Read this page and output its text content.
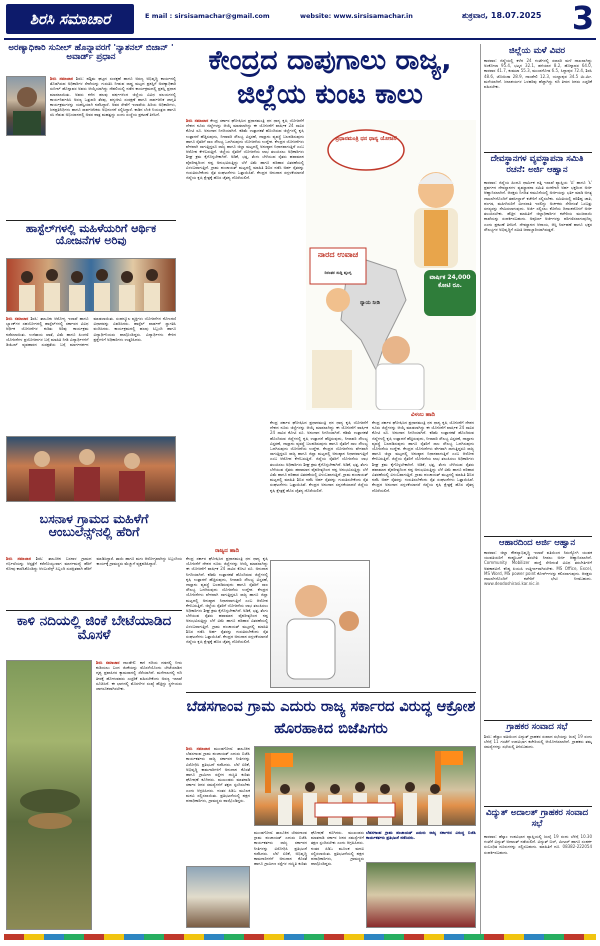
ಶಿರಸಿ ಸಮಾಚಾರ	E mail : sirsisamachar@gmail.com	website: www.sirsisamachar.in	ಶುಕ್ರವಾರ, 18.07.2025 3
ಅರಣ್ಯಾಧಿಕಾರಿ ಸುನೀಲ್ ಹೊನ್ನಾವರಗೆ 'ನ್ಯಾಶನಲ್ ಬಿಜಾನ್ ' ಅವಾರ್ಡ್ ಪ್ರಧಾನ
ಶಿರಸಿ ಸಮಾಚಾರ ಶಿರಸಿ: ಪಶ್ಚಿಮ ಘಟ್ಟದ ಸಂರಕ್ಷಣೆ ಹಾಗೂ ಅರಣ್ಯ ಅಭಿವೃದ್ಧಿ ಕಾರ್ಯದಲ್ಲಿ ತೊಡಗಿರುವ ಅಧಿಕಾರಿಗಳ ಸೇವೆಯನ್ನು ಗುರುತಿಸಿ ನೀಡುವ ರಾಷ್ಟ್ರ ಮಟ್ಟದ ಪ್ರಶಸ್ತಿಗೆ ಅರಣ್ಯಾಧಿಕಾರಿ ಸುನೀಲ್ ಹೊನ್ನಾವರ ಅವರು ಆಯ್ಕೆಯಾಗಿದ್ದು ದೆಹಲಿಯಲ್ಲಿ ನಡೆದ ಕಾರ್ಯಕ್ರಮದಲ್ಲಿ ಪ್ರಶಸ್ತಿ ಪ್ರಧಾನ ಮಾಡಲಾಯಿತು. ಅವರು ಕಳೆದ ಹಲವು ವರ್ಷಗಳಿಂದ ಜಿಲ್ಲೆಯ ವಿವಿಧ ವಲಯಗಳಲ್ಲಿ ಕಾರ್ಯನಿರ್ವಹಿಸಿ ಅರಣ್ಯ ಒತ್ತುವರಿ ತೆರವು, ವನ್ಯಜೀವಿ ಸಂರಕ್ಷಣೆ ಹಾಗೂ ಸಾರ್ವಜನಿಕ ಜಾಗೃತಿ ಕಾರ್ಯಕ್ರಮಗಳನ್ನು ಯಶಸ್ವಿಯಾಗಿ ನಡೆಸಿದ್ದಾರೆ. ಅವರ ಸೇವೆಗೆ ಇಲಾಖೆಯ ಹಿರಿಯ ಅಧಿಕಾರಿಗಳು, ಜನಪ್ರತಿನಿಧಿಗಳು ಹಾಗೂ ಸಾರ್ವಜನಿಕರು ಅಭಿನಂದನೆ ಸಲ್ಲಿಸಿದ್ದಾರೆ. ಕಾಡಿನ ಬೆಂಕಿ ನಿಯಂತ್ರಣ ಹಾಗೂ ಸಸಿ ನೆಡುವ ಅಭಿಯಾನದಲ್ಲಿ ಅವರ ಪಾತ್ರ ಮಹತ್ವದ್ದು ಎಂದು ಸಂಸ್ಥೆಯ ಪ್ರಕಟಣೆ ತಿಳಿಸಿದೆ.
ಹಾಸ್ಟೆಲ್‌ಗಳಲ್ಲಿ ಮಹಿಳೆಯರಿಗೆ ಆರ್ಥಿಕ ಯೋಜನೆಗಳ ಅರಿವು
ಶಿರಸಿ ಸಮಾಚಾರ ಶಿರಸಿ: ತಾಲೂಕು ಆರೋಗ್ಯ ಇಲಾಖೆ ಹಾಗೂ ಬ್ಯಾಂಕ್‌ಗಳ ಸಹಯೋಗದಲ್ಲಿ ಹಾಸ್ಟೆಲ್‌ಗಳಲ್ಲಿ ಸರ್ಕಾರದ ವಿವಿಧ ಆರ್ಥಿಕ ಯೋಜನೆಗಳ ಕುರಿತು ಅರಿವು ಕಾರ್ಯಕ್ರಮ ನಡೆಸಲಾಯಿತು. ಉಳಿತಾಯ ಖಾತೆ, ವಿಮೆ ಹಾಗೂ ಪಿಂಚಣಿ ಯೋಜನೆಗಳ ಪ್ರಯೋಜನಗಳ ಬಗ್ಗೆ ಮಾಹಿತಿ ನೀಡಿ ವಿದ್ಯಾರ್ಥಿಗಳಿಗೆ ಡಿಜಿಟಲ್ ವ್ಯವಹಾರದ ಸುರಕ್ಷತೆಯ ಬಗ್ಗೆ ಮಾರ್ಗದರ್ಶನ ಮಾಡಲಾಯಿತು. ಸಂಪನ್ಮೂಲ ವ್ಯಕ್ತಿಗಳು ಯೋಜನೆಗಳ ನೋಂದಣಿ ವಿಧಾನವನ್ನು ವಿವರಿಸಿದರು. ಹಾಸ್ಟೆಲ್ ವಾರ್ಡನ್ ಸ್ವಾಗತಿಸಿ ವಂದಿಸಿದರು. ಕಾರ್ಯಕ್ರಮದಲ್ಲಿ ಹಲವು ಸಿಬ್ಬಂದಿ ಹಾಗೂ ವಿದ್ಯಾರ್ಥಿನಿಯರು ಪಾಲ್ಗೊಂಡಿದ್ದರು. ವಿದ್ಯಾರ್ಥಿಗಳು ಕೇಳಿದ ಪ್ರಶ್ನೆಗಳಿಗೆ ಅಧಿಕಾರಿಗಳು ಉತ್ತರಿಸಿದರು.
ಬಸನಾಳ ಗ್ರಾಮದ ಮಹಿಳೆಗೆ ಆಂಬುಲೆನ್ಸ್‌ನಲ್ಲಿ ಹೆರಿಗೆ
ಶಿರಸಿ ಸಮಾಚಾರ ಶಿರಸಿ: ತಾಲೂಕಿನ ಬಸನಾಳ ಗ್ರಾಮದ ಗರ್ಭಿಣಿಯನ್ನು ಆಸ್ಪತ್ರೆಗೆ ಕರೆದೊಯ್ಯುವಾಗ ಮಾರ್ಗಮಧ್ಯೆ ಹೆರಿಗೆ ನೋವು ಕಾಣಿಸಿಕೊಂಡಿದ್ದು ಆಂಬುಲೆನ್ಸ್ ಸಿಬ್ಬಂದಿ ಸುರಕ್ಷಿತವಾಗಿ ಹೆರಿಗೆ ಮಾಡಿಸಿದ್ದಾರೆ. ತಾಯಿ ಹಾಗೂ ಮಗು ಆರೋಗ್ಯವಾಗಿದ್ದು ಸಿಬ್ಬಂದಿಯ ಕಾರ್ಯಕ್ಕೆ ಗ್ರಾಮಸ್ಥರು ಮೆಚ್ಚುಗೆ ವ್ಯಕ್ತಪಡಿಸಿದ್ದಾರೆ.
ಕಾಳಿ ನದಿಯಲ್ಲಿ ಜಿಂಕೆ ಬೇಟೆಯಾಡಿದ ಮೊಸಳೆ
ಶಿರಸಿ ಸಮಾಚಾರ ದಾಂಡೇಲಿ: ಕಾಳಿ ನದಿಯ ದಡದಲ್ಲಿ ನೀರು ಕುಡಿಯಲು ಬಂದ ಜಿಂಕೆಯನ್ನು ಮೊಸಳೆಯೊಂದು ಬೇಟೆಯಾಡಿದ ದೃಶ್ಯ ಪ್ರವಾಸಿಗರ ಕ್ಯಾಮರಾದಲ್ಲಿ ಸೆರೆಯಾಗಿದೆ. ಮಳೆಗಾಲದಲ್ಲಿ ನದಿ ತೀರಕ್ಕೆ ಹೋಗುವವರು ಎಚ್ಚರಿಕೆ ವಹಿಸಬೇಕೆಂದು ಅರಣ್ಯ ಇಲಾಖೆ ಸೂಚಿಸಿದೆ. ಈ ಭಾಗದಲ್ಲಿ ಮೊಸಳೆಗಳ ಸಂಖ್ಯೆ ಹೆಚ್ಚಿದ್ದು ಸ್ಥಳೀಯರು ಜಾಗರೂಕರಾಗಿರಬೇಕು.
ಕೇಂದ್ರದ ದಾಪುಗಾಲು ರಾಜ್ಯ, ಜಿಲ್ಲೆಯ ಕುಂಟ ಕಾಲು
ಶಿರಸಿ ಸಮಾಚಾರ ಕೇಂದ್ರ ಸರ್ಕಾರ ಘೋಷಿಸಿದ ಪ್ರಧಾನಮಂತ್ರಿ ಧನ ಧಾನ್ಯ ಕೃಷಿ ಯೋಜನೆಗೆ ದೇಶದ ನೂರು ಜಿಲ್ಲೆಗಳನ್ನು ಆಯ್ಕೆ ಮಾಡಲಾಗಿದ್ದು ಈ ಯೋಜನೆಗೆ ವಾರ್ಷಿಕ 24 ಸಾವಿರ ಕೋಟಿ ರೂ. ಅನುದಾನ ನಿಗದಿಯಾಗಿದೆ. ಕಡಿಮೆ ಉತ್ಪಾದಕತೆ ಹೊಂದಿರುವ ಜಿಲ್ಲೆಗಳಲ್ಲಿ ಕೃಷಿ ಉತ್ಪಾದನೆ ಹೆಚ್ಚಿಸುವುದು, ನೀರಾವರಿ ಸೌಲಭ್ಯ ವಿಸ್ತರಣೆ, ದಾಸ್ತಾನು ವ್ಯವಸ್ಥೆ ಬಲಪಡಿಸುವುದು ಹಾಗೂ ರೈತರಿಗೆ ಸಾಲ ಸೌಲಭ್ಯ ಒದಗಿಸುವುದು ಯೋಜನೆಯ ಉದ್ದೇಶ. ಕೇಂದ್ರದ ಯೋಜನೆಗಳು ವೇಗವಾಗಿ ಸಾಗುತ್ತಿದ್ದರೂ ರಾಜ್ಯ ಹಾಗೂ ಜಿಲ್ಲಾ ಮಟ್ಟದಲ್ಲಿ ಅನುಷ್ಠಾನ ನಿಧಾನವಾಗುತ್ತಿದೆ ಎಂಬ ಆರೋಪ ಕೇಳಿಬರುತ್ತಿದೆ. ಜಿಲ್ಲೆಯ ರೈತರಿಗೆ ಯೋಜನೆಯ ಲಾಭ ತಲುಪಿಸಲು ಅಧಿಕಾರಿಗಳು ಶೀಘ್ರ ಕ್ರಮ ಕೈಗೊಳ್ಳಬೇಕಾಗಿದೆ. ಅಡಿಕೆ, ಭತ್ತ, ತೆಂಗು ಬೆಳೆಯುವ ರೈತರು ಹವಾಮಾನ ವೈಪರೀತ್ಯದಿಂದ ನಷ್ಟ ಅನುಭವಿಸುತ್ತಿದ್ದು ಬೆಳೆ ವಿಮೆ ಹಾಗೂ ಪರಿಹಾರ ವಿತರಣೆಯಲ್ಲಿ ವಿಳಂಬವಾಗುತ್ತಿದೆ. ಗ್ರಾಮ ಪಂಚಾಯತ್ ಮಟ್ಟದಲ್ಲಿ ಮಾಹಿತಿ ಶಿಬಿರ ನಡೆಸಿ ಅರ್ಹ ರೈತರನ್ನು ಗುರುತಿಸಬೇಕೆಂದು ರೈತ ಸಂಘಟನೆಗಳು ಒತ್ತಾಯಿಸಿವೆ. ಕೇಂದ್ರದ ಅನುದಾನ ಸದ್ಬಳಕೆಯಾದರೆ ಜಿಲ್ಲೆಯ ಕೃಷಿ ಕ್ಷೇತ್ರಕ್ಕೆ ಹೊಸ ಚೈತನ್ಯ ದೊರೆಯಲಿದೆ.
ಪ್ರಧಾನಮಂತ್ರಿ ಧನ ಧಾನ್ಯ ಯೋಜನೆ
ವಾರ್ಷಿಕ 24,000 ಕೋಟಿ ರೂ.
ನಾರದ ಉವಾಚ
ನಿರಂತರ ಸುದ್ದಿ ವ್ಯಂಗ್ಯ
ನ್ಯಾಯ ನೀಡಿ
ವಿಳಂಬ ಹಾದಿ
ಕೇಂದ್ರ ಸರ್ಕಾರ ಘೋಷಿಸಿದ ಪ್ರಧಾನಮಂತ್ರಿ ಧನ ಧಾನ್ಯ ಕೃಷಿ ಯೋಜನೆಗೆ ದೇಶದ ನೂರು ಜಿಲ್ಲೆಗಳನ್ನು ಆಯ್ಕೆ ಮಾಡಲಾಗಿದ್ದು ಈ ಯೋಜನೆಗೆ ವಾರ್ಷಿಕ 24 ಸಾವಿರ ಕೋಟಿ ರೂ. ಅನುದಾನ ನಿಗದಿಯಾಗಿದೆ. ಕಡಿಮೆ ಉತ್ಪಾದಕತೆ ಹೊಂದಿರುವ ಜಿಲ್ಲೆಗಳಲ್ಲಿ ಕೃಷಿ ಉತ್ಪಾದನೆ ಹೆಚ್ಚಿಸುವುದು, ನೀರಾವರಿ ಸೌಲಭ್ಯ ವಿಸ್ತರಣೆ, ದಾಸ್ತಾನು ವ್ಯವಸ್ಥೆ ಬಲಪಡಿಸುವುದು ಹಾಗೂ ರೈತರಿಗೆ ಸಾಲ ಸೌಲಭ್ಯ ಒದಗಿಸುವುದು ಯೋಜನೆಯ ಉದ್ದೇಶ. ಕೇಂದ್ರದ ಯೋಜನೆಗಳು ವೇಗವಾಗಿ ಸಾಗುತ್ತಿದ್ದರೂ ರಾಜ್ಯ ಹಾಗೂ ಜಿಲ್ಲಾ ಮಟ್ಟದಲ್ಲಿ ಅನುಷ್ಠಾನ ನಿಧಾನವಾಗುತ್ತಿದೆ ಎಂಬ ಆರೋಪ ಕೇಳಿಬರುತ್ತಿದೆ. ಜಿಲ್ಲೆಯ ರೈತರಿಗೆ ಯೋಜನೆಯ ಲಾಭ ತಲುಪಿಸಲು ಅಧಿಕಾರಿಗಳು ಶೀಘ್ರ ಕ್ರಮ ಕೈಗೊಳ್ಳಬೇಕಾಗಿದೆ. ಅಡಿಕೆ, ಭತ್ತ, ತೆಂಗು ಬೆಳೆಯುವ ರೈತರು ಹವಾಮಾನ ವೈಪರೀತ್ಯದಿಂದ ನಷ್ಟ ಅನುಭವಿಸುತ್ತಿದ್ದು ಬೆಳೆ ವಿಮೆ ಹಾಗೂ ಪರಿಹಾರ ವಿತರಣೆಯಲ್ಲಿ ವಿಳಂಬವಾಗುತ್ತಿದೆ. ಗ್ರಾಮ ಪಂಚಾಯತ್ ಮಟ್ಟದಲ್ಲಿ ಮಾಹಿತಿ ಶಿಬಿರ ನಡೆಸಿ ಅರ್ಹ ರೈತರನ್ನು ಗುರುತಿಸಬೇಕೆಂದು ರೈತ ಸಂಘಟನೆಗಳು ಒತ್ತಾಯಿಸಿವೆ. ಕೇಂದ್ರದ ಅನುದಾನ ಸದ್ಬಳಕೆಯಾದರೆ ಜಿಲ್ಲೆಯ ಕೃಷಿ ಕ್ಷೇತ್ರಕ್ಕೆ ಹೊಸ ಚೈತನ್ಯ ದೊರೆಯಲಿದೆ.
ರಾಜ್ಯದ ಹಾದಿ
ಕೇಂದ್ರ ಸರ್ಕಾರ ಘೋಷಿಸಿದ ಪ್ರಧಾನಮಂತ್ರಿ ಧನ ಧಾನ್ಯ ಕೃಷಿ ಯೋಜನೆಗೆ ದೇಶದ ನೂರು ಜಿಲ್ಲೆಗಳನ್ನು ಆಯ್ಕೆ ಮಾಡಲಾಗಿದ್ದು ಈ ಯೋಜನೆಗೆ ವಾರ್ಷಿಕ 24 ಸಾವಿರ ಕೋಟಿ ರೂ. ಅನುದಾನ ನಿಗದಿಯಾಗಿದೆ. ಕಡಿಮೆ ಉತ್ಪಾದಕತೆ ಹೊಂದಿರುವ ಜಿಲ್ಲೆಗಳಲ್ಲಿ ಕೃಷಿ ಉತ್ಪಾದನೆ ಹೆಚ್ಚಿಸುವುದು, ನೀರಾವರಿ ಸೌಲಭ್ಯ ವಿಸ್ತರಣೆ, ದಾಸ್ತಾನು ವ್ಯವಸ್ಥೆ ಬಲಪಡಿಸುವುದು ಹಾಗೂ ರೈತರಿಗೆ ಸಾಲ ಸೌಲಭ್ಯ ಒದಗಿಸುವುದು ಯೋಜನೆಯ ಉದ್ದೇಶ. ಕೇಂದ್ರದ ಯೋಜನೆಗಳು ವೇಗವಾಗಿ ಸಾಗುತ್ತಿದ್ದರೂ ರಾಜ್ಯ ಹಾಗೂ ಜಿಲ್ಲಾ ಮಟ್ಟದಲ್ಲಿ ಅನುಷ್ಠಾನ ನಿಧಾನವಾಗುತ್ತಿದೆ ಎಂಬ ಆರೋಪ ಕೇಳಿಬರುತ್ತಿದೆ. ಜಿಲ್ಲೆಯ ರೈತರಿಗೆ ಯೋಜನೆಯ ಲಾಭ ತಲುಪಿಸಲು ಅಧಿಕಾರಿಗಳು ಶೀಘ್ರ ಕ್ರಮ ಕೈಗೊಳ್ಳಬೇಕಾಗಿದೆ. ಅಡಿಕೆ, ಭತ್ತ, ತೆಂಗು ಬೆಳೆಯುವ ರೈತರು ಹವಾಮಾನ ವೈಪರೀತ್ಯದಿಂದ ನಷ್ಟ ಅನುಭವಿಸುತ್ತಿದ್ದು ಬೆಳೆ ವಿಮೆ ಹಾಗೂ ಪರಿಹಾರ ವಿತರಣೆಯಲ್ಲಿ ವಿಳಂಬವಾಗುತ್ತಿದೆ. ಗ್ರಾಮ ಪಂಚಾಯತ್ ಮಟ್ಟದಲ್ಲಿ ಮಾಹಿತಿ ಶಿಬಿರ ನಡೆಸಿ ಅರ್ಹ ರೈತರನ್ನು ಗುರುತಿಸಬೇಕೆಂದು ರೈತ ಸಂಘಟನೆಗಳು ಒತ್ತಾಯಿಸಿವೆ. ಕೇಂದ್ರದ ಅನುದಾನ ಸದ್ಬಳಕೆಯಾದರೆ ಜಿಲ್ಲೆಯ ಕೃಷಿ ಕ್ಷೇತ್ರಕ್ಕೆ ಹೊಸ ಚೈತನ್ಯ ದೊರೆಯಲಿದೆ.
ಕೇಂದ್ರ ಸರ್ಕಾರ ಘೋಷಿಸಿದ ಪ್ರಧಾನಮಂತ್ರಿ ಧನ ಧಾನ್ಯ ಕೃಷಿ ಯೋಜನೆಗೆ ದೇಶದ ನೂರು ಜಿಲ್ಲೆಗಳನ್ನು ಆಯ್ಕೆ ಮಾಡಲಾಗಿದ್ದು ಈ ಯೋಜನೆಗೆ ವಾರ್ಷಿಕ 24 ಸಾವಿರ ಕೋಟಿ ರೂ. ಅನುದಾನ ನಿಗದಿಯಾಗಿದೆ. ಕಡಿಮೆ ಉತ್ಪಾದಕತೆ ಹೊಂದಿರುವ ಜಿಲ್ಲೆಗಳಲ್ಲಿ ಕೃಷಿ ಉತ್ಪಾದನೆ ಹೆಚ್ಚಿಸುವುದು, ನೀರಾವರಿ ಸೌಲಭ್ಯ ವಿಸ್ತರಣೆ, ದಾಸ್ತಾನು ವ್ಯವಸ್ಥೆ ಬಲಪಡಿಸುವುದು ಹಾಗೂ ರೈತರಿಗೆ ಸಾಲ ಸೌಲಭ್ಯ ಒದಗಿಸುವುದು ಯೋಜನೆಯ ಉದ್ದೇಶ. ಕೇಂದ್ರದ ಯೋಜನೆಗಳು ವೇಗವಾಗಿ ಸಾಗುತ್ತಿದ್ದರೂ ರಾಜ್ಯ ಹಾಗೂ ಜಿಲ್ಲಾ ಮಟ್ಟದಲ್ಲಿ ಅನುಷ್ಠಾನ ನಿಧಾನವಾಗುತ್ತಿದೆ ಎಂಬ ಆರೋಪ ಕೇಳಿಬರುತ್ತಿದೆ. ಜಿಲ್ಲೆಯ ರೈತರಿಗೆ ಯೋಜನೆಯ ಲಾಭ ತಲುಪಿಸಲು ಅಧಿಕಾರಿಗಳು ಶೀಘ್ರ ಕ್ರಮ ಕೈಗೊಳ್ಳಬೇಕಾಗಿದೆ. ಅಡಿಕೆ, ಭತ್ತ, ತೆಂಗು ಬೆಳೆಯುವ ರೈತರು ಹವಾಮಾನ ವೈಪರೀತ್ಯದಿಂದ ನಷ್ಟ ಅನುಭವಿಸುತ್ತಿದ್ದು ಬೆಳೆ ವಿಮೆ ಹಾಗೂ ಪರಿಹಾರ ವಿತರಣೆಯಲ್ಲಿ ವಿಳಂಬವಾಗುತ್ತಿದೆ. ಗ್ರಾಮ ಪಂಚಾಯತ್ ಮಟ್ಟದಲ್ಲಿ ಮಾಹಿತಿ ಶಿಬಿರ ನಡೆಸಿ ಅರ್ಹ ರೈತರನ್ನು ಗುರುತಿಸಬೇಕೆಂದು ರೈತ ಸಂಘಟನೆಗಳು ಒತ್ತಾಯಿಸಿವೆ. ಕೇಂದ್ರದ ಅನುದಾನ ಸದ್ಬಳಕೆಯಾದರೆ ಜಿಲ್ಲೆಯ ಕೃಷಿ ಕ್ಷೇತ್ರಕ್ಕೆ ಹೊಸ ಚೈತನ್ಯ ದೊರೆಯಲಿದೆ.
ಬೆಡಸಗಾಂವ ಗ್ರಾಮ ಎದುರು ರಾಜ್ಯ ಸರ್ಕಾರದ ವಿರುದ್ಧ ಆಕ್ರೋಶ ಹೊರಹಾಕಿದ ಬಿಜೆಪಿಗರು
ಶಿರಸಿ ಸಮಾಚಾರ ಮುಂಡಗೋಡ: ತಾಲೂಕಿನ ಬೆಡಸಗಾಂವ ಗ್ರಾಮ ಪಂಚಾಯತ್ ಎದುರು ಬಿಜೆಪಿ ಕಾರ್ಯಕರ್ತರು ರಾಜ್ಯ ಸರ್ಕಾರದ ನೀತಿಗಳನ್ನು ವಿರೋಧಿಸಿ ಪ್ರತಿಭಟನೆ ನಡೆಸಿದರು. ಬೆಲೆ ಏರಿಕೆ, ಅಭಿವೃದ್ಧಿ ಕಾಮಗಾರಿಗಳಿಗೆ ಅನುದಾನ ಕೊರತೆ ಹಾಗೂ ಗ್ರಾಮೀಣ ರಸ್ತೆಗಳ ದುಸ್ಥಿತಿ ಕುರಿತು ಘೋಷಣೆ ಕೂಗಿದರು. ಮುಖಂಡರು ಮಾತನಾಡಿ ಸರ್ಕಾರ ಜನರ ಸಮಸ್ಯೆಗಳಿಗೆ ತಕ್ಷಣ ಸ್ಪಂದಿಸಬೇಕು ಎಂದು ಆಗ್ರಹಿಸಿದರು. ನಂತರ ಪಿಡಿಒ ಮೂಲಕ ಮನವಿ ಸಲ್ಲಿಸಲಾಯಿತು. ಪ್ರತಿಭಟನೆಯಲ್ಲಿ ಪಕ್ಷದ ಪದಾಧಿಕಾರಿಗಳು, ಗ್ರಾಮಸ್ಥರು ಪಾಲ್ಗೊಂಡಿದ್ದರು.
ಮುಂಡಗೋಡ: ತಾಲೂಕಿನ ಬೆಡಸಗಾಂವ ಗ್ರಾಮ ಪಂಚಾಯತ್ ಎದುರು ಬಿಜೆಪಿ ಕಾರ್ಯಕರ್ತರು ರಾಜ್ಯ ಸರ್ಕಾರದ ನೀತಿಗಳನ್ನು ವಿರೋಧಿಸಿ ಪ್ರತಿಭಟನೆ ನಡೆಸಿದರು. ಬೆಲೆ ಏರಿಕೆ, ಅಭಿವೃದ್ಧಿ ಕಾಮಗಾರಿಗಳಿಗೆ ಅನುದಾನ ಕೊರತೆ ಹಾಗೂ ಗ್ರಾಮೀಣ ರಸ್ತೆಗಳ ದುಸ್ಥಿತಿ ಕುರಿತು ಘೋಷಣೆ ಕೂಗಿದರು. ಮುಖಂಡರು ಮಾತನಾಡಿ ಸರ್ಕಾರ ಜನರ ಸಮಸ್ಯೆಗಳಿಗೆ ತಕ್ಷಣ ಸ್ಪಂದಿಸಬೇಕು ಎಂದು ಆಗ್ರಹಿಸಿದರು. ನಂತರ ಪಿಡಿಒ ಮೂಲಕ ಮನವಿ ಸಲ್ಲಿಸಲಾಯಿತು. ಪ್ರತಿಭಟನೆಯಲ್ಲಿ ಪಕ್ಷದ ಪದಾಧಿಕಾರಿಗಳು, ಗ್ರಾಮಸ್ಥರು ಪಾಲ್ಗೊಂಡಿದ್ದರು.
ಬೆಡಸಗಾಂವ ಗ್ರಾಮ ಪಂಚಾಯತ್ ಎದುರು ರಾಜ್ಯ ಸರ್ಕಾರದ ವಿರುದ್ಧ ಬಿಜೆಪಿ ಕಾರ್ಯಕರ್ತರು ಪ್ರತಿಭಟನೆ ನಡೆಸಿದರು.
ಜಿಲ್ಲೆಯ ಮಳೆ ವಿವರ
ಕಾರವಾರ: ಜಿಲ್ಲೆಯಲ್ಲಿ ಕಳೆದ 24 ಗಂಟೆಗಳಲ್ಲಿ ಸರಾಸರಿ ಮಳೆ ದಾಖಲಾಗಿದ್ದು ಅಂಕೋಲಾ 95.4, ಭಟ್ಕಳ 32.1, ಹಳಿಯಾಳ 8.2, ಹೊನ್ನಾವರ 64.0, ಕಾರವಾರ 41.7, ಕುಮಟಾ 55.3, ಮುಂಡಗೋಡ 6.5, ಸಿದ್ದಾಪುರ 72.4, ಶಿರಸಿ 48.6, ಜೊಯಿಡಾ 28.9, ದಾಂಡೇಲಿ 12.3, ಯಲ್ಲಾಪುರ 34.5 ಮಿ.ಮೀ. ಮಳೆಯಾಗಿದೆ. ಜಲಾಶಯಗಳ ಒಳಹರಿವು ಹೆಚ್ಚಾಗಿದ್ದು ನದಿ ತೀರದ ಜನರು ಎಚ್ಚರಿಕೆ ವಹಿಸಬೇಕು.
ದೇವಸ್ಥಾನಗಳ ವ್ಯವಸ್ಥಾಪನಾ ಸಮಿತಿ ರಚನೆ: ಅರ್ಜಿ ಆಹ್ವಾನ
ಕಾರವಾರ: ಜಿಲ್ಲೆಯ ಹಿಂದೂ ಧಾರ್ಮಿಕ ದತ್ತಿ ಇಲಾಖೆ ವ್ಯಾಪ್ತಿಯ 'ಬಿ' ಹಾಗೂ 'ಸಿ' ಪ್ರವರ್ಗದ ದೇವಸ್ಥಾನಗಳ ವ್ಯವಸ್ಥಾಪನಾ ಸಮಿತಿ ರಚನೆಗಾಗಿ ಅರ್ಹ ಭಕ್ತರಿಂದ ಅರ್ಜಿ ಆಹ್ವಾನಿಸಲಾಗಿದೆ. ಆಸಕ್ತರು ನಿಗದಿತ ನಮೂನೆಯಲ್ಲಿ ಅರ್ಜಿಯನ್ನು ಭರ್ತಿ ಮಾಡಿ ಅಗತ್ಯ ದಾಖಲೆಗಳೊಂದಿಗೆ ತಹಸೀಲ್ದಾರ್ ಕಚೇರಿಗೆ ಸಲ್ಲಿಸಬೇಕು. ಸಮಿತಿಯಲ್ಲಿ ಪರಿಶಿಷ್ಟ ಜಾತಿ, ಪಂಗಡ, ಮಹಿಳೆಯರಿಗೆ ಮೀಸಲಾತಿ ಇರಲಿದ್ದು ಅರ್ಚಕರು ಸೇರಿದಂತೆ ಒಂಬತ್ತು ಸದಸ್ಯರನ್ನು ನೇಮಿಸಲಾಗುವುದು. ಅರ್ಜಿ ಸಲ್ಲಿಸಲು ಕೊನೆಯ ದಿನಾಂಕದೊಳಗೆ ಅರ್ಜಿ ತಲುಪಿಸಬೇಕು. ಹೆಚ್ಚಿನ ಮಾಹಿತಿಗೆ ಜಿಲ್ಲಾಧಿಕಾರಿಗಳ ಕಚೇರಿಯ ಮುಜರಾಯಿ ಶಾಖೆಯನ್ನು ಸಂಪರ್ಕಿಸಬಹುದು. ಅಪೂರ್ಣ ಅರ್ಜಿಗಳನ್ನು ಪರಿಗಣಿಸಲಾಗುವುದಿಲ್ಲ ಎಂದು ಪ್ರಕಟಣೆ ತಿಳಿಸಿದೆ. ದೇವಸ್ಥಾನದ ಆದಾಯ, ಆಸ್ತಿ ನಿರ್ವಹಣೆ ಹಾಗೂ ಭಕ್ತರ ಸೌಲಭ್ಯಗಳ ಅಭಿವೃದ್ಧಿಗೆ ಸಮಿತಿ ಜವಾಬ್ದಾರಿಯಾಗಿರುತ್ತದೆ.
ಆಹಾರದಿಂದ ಅರ್ಜಿ ಆಹ್ವಾನ
ಕಾರವಾರ: ಜಿಲ್ಲಾ ಕೌಶಲ್ಯಾಭಿವೃದ್ಧಿ ಇಲಾಖೆ ವತಿಯಿಂದ ನಿರುದ್ಯೋಗಿ ಯುವಕ ಯುವತಿಯರಿಗೆ ಕಂಪ್ಯೂಟರ್ ತರಬೇತಿ ನೀಡಲು ಅರ್ಜಿ ಆಹ್ವಾನಿಸಲಾಗಿದೆ. Community Mobilizer ಹುದ್ದೆ ಸೇರಿದಂತೆ ವಿವಿಧ ತರಬೇತಿಗಳಿಗೆ ಅವಕಾಶವಿದೆ. ಕನಿಷ್ಠ ಪಿಯುಸಿ ಉತ್ತೀರ್ಣರಾಗಿರಬೇಕು. MS Office, Excel, MS Word, MS power point ಕೋರ್ಸ್‌ಗಳನ್ನು ಕಲಿಸಲಾಗುವುದು. ಆಸಕ್ತರು ದಾಖಲೆಗಳೊಂದಿಗೆ ಕಚೇರಿಗೆ ಭೇಟಿ ನೀಡಬಹುದು. www.deodoshirasi.kar.nic.in
ಗ್ರಾಹಕರ ಸಂವಾದ ಸಭೆ
ಶಿರಸಿ: ಹೆಸ್ಕಾಂ ವತಿಯಿಂದ ವಿದ್ಯುತ್ ಗ್ರಾಹಕರ ಸಂವಾದ ಸಭೆಯನ್ನು ಜುಲೈ 19 ರಂದು ಬೆಳಿಗ್ಗೆ 11 ಗಂಟೆಗೆ ಉಪವಿಭಾಗ ಕಚೇರಿಯಲ್ಲಿ ಆಯೋಜಿಸಲಾಗಿದೆ. ಗ್ರಾಹಕರು ತಮ್ಮ ಸಮಸ್ಯೆಗಳನ್ನು ಸಭೆಯಲ್ಲಿ ತಿಳಿಸಬಹುದು.
ವಿದ್ಯುತ್ ಅದಾಲತ್ ಗ್ರಾಹಕರ ಸಂವಾದ ಸಭೆ
ಕಾರವಾರ: ಹೆಸ್ಕಾಂ ಉಪವಿಭಾಗ ವ್ಯಾಪ್ತಿಯಲ್ಲಿ ಜುಲೈ 19 ರಂದು ಬೆಳಿಗ್ಗೆ 10.30 ಗಂಟೆಗೆ ವಿದ್ಯುತ್ ಅದಾಲತ್ ನಡೆಯಲಿದೆ. ವಿದ್ಯುತ್ ಬಿಲ್, ಮೀಟರ್ ಹಾಗೂ ಸಂಪರ್ಕ ಸಂಬಂಧಿತ ದೂರುಗಳನ್ನು ಸಲ್ಲಿಸಬಹುದು. ಮಾಹಿತಿಗೆ ದೂ. 08382-222054 ಸಂಪರ್ಕಿಸಬಹುದು.
